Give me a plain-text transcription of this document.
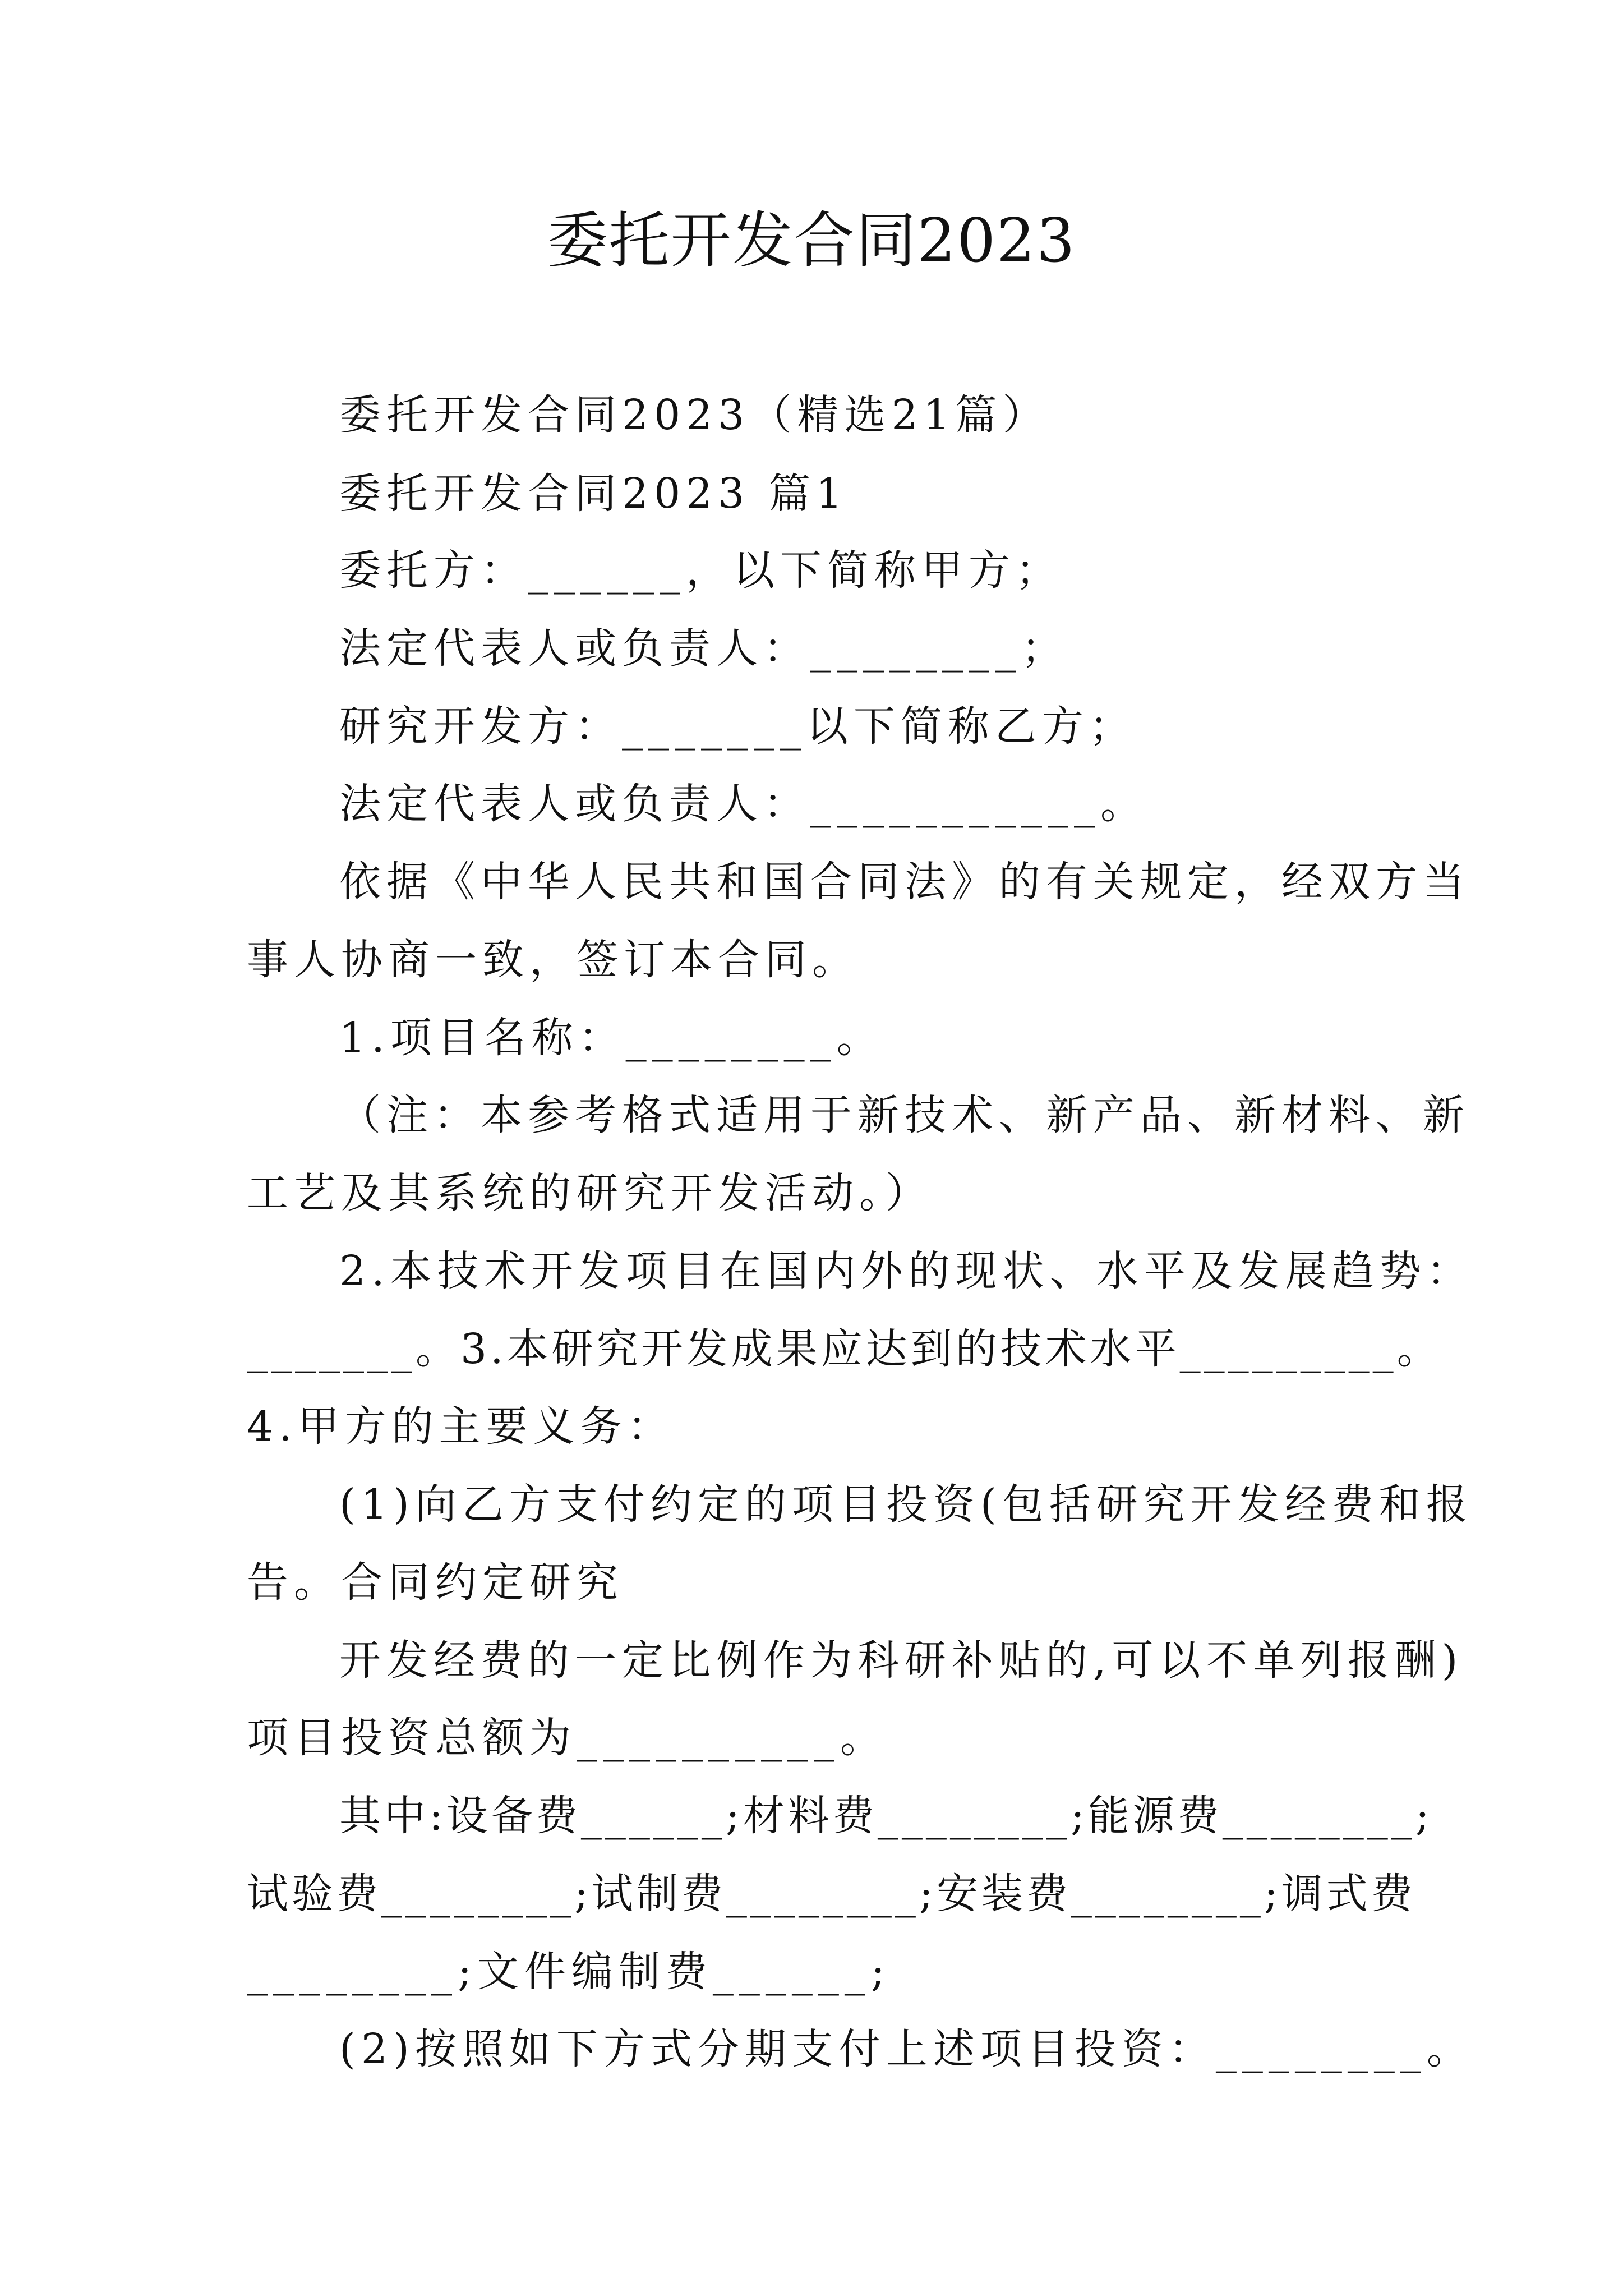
委托开发合同2023
委托开发合同2023（精选21篇）
委托开发合同2023 篇1
委托方：______，以下简称甲方；
法定代表人或负责人：________；
研究开发方：_______以下简称乙方；
法定代表人或负责人：___________。
依据《中华人民共和国合同法》的有关规定，经双方当
事人协商一致，签订本合同。
1.项目名称：________。
（注：本参考格式适用于新技术、新产品、新材料、新
工艺及其系统的研究开发活动。）
2.本技术开发项目在国内外的现状、水平及发展趋势：
_______。3.本研究开发成果应达到的技术水平_________。
4.甲方的主要义务：
(1)向乙方支付约定的项目投资(包括研究开发经费和报
告。合同约定研究
开发经费的一定比例作为科研补贴的,可以不单列报酬)
项目投资总额为__________。
其中:设备费______;材料费________;能源费________;
试验费________;试制费________;安装费________;调式费
________;文件编制费______;
(2)按照如下方式分期支付上述项目投资：________。
